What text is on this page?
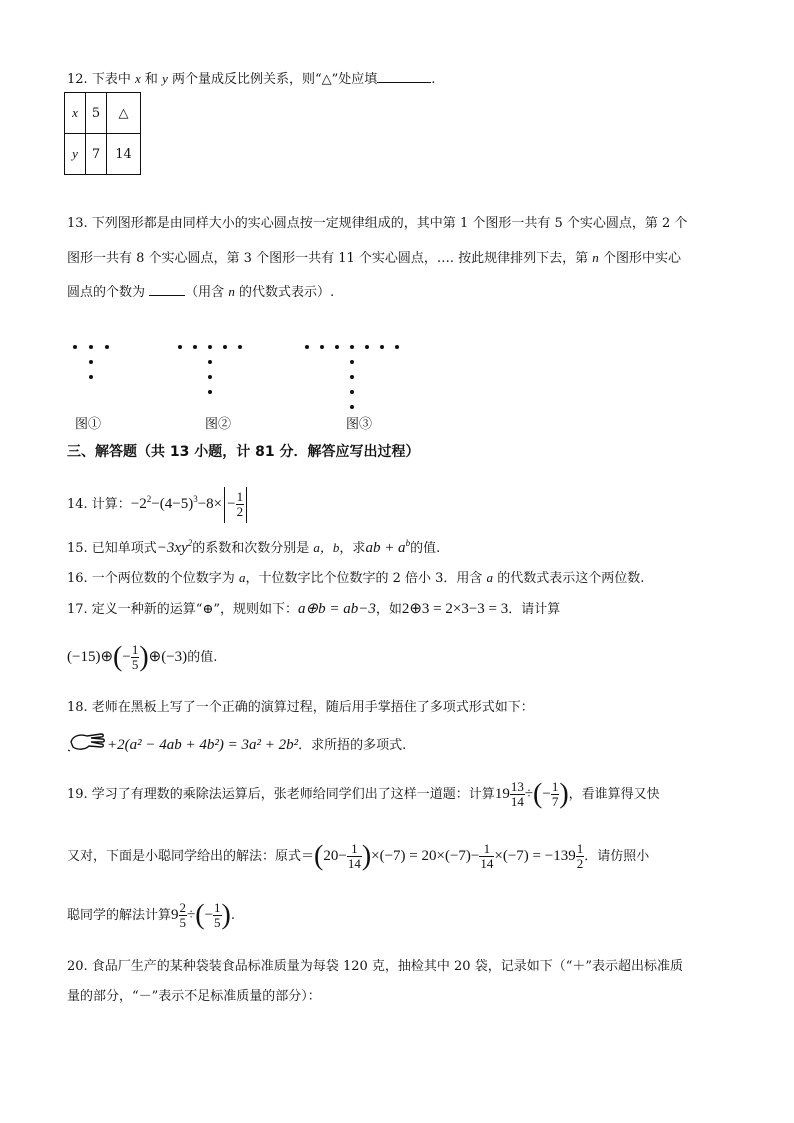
12. 下表中 x 和 y 两个量成反比例关系，则“△”处应填	.
x	5	△
y	7	14
13. 下列图形都是由同样大小的实心圆点按一定规律组成的，其中第 1 个图形一共有 5 个实心圆点，第 2 个
图形一共有 8 个实心圆点，第 3 个图形一共有 11 个实心圆点，…. 按此规律排列下去，第 n 个图形中实心
圆点的个数为	（用含 n 的代数式表示）.
图①	图②	图③
三、解答题（共 13 小题，计 81 分．解答应写出过程）
14. 计算：$-2^2-(4-5)^3-8\times - \frac{1}{2}$
15. 已知单项式$-3xy^2$的系数和次数分别是 a，b，求ab + $a^b$的值.
16. 一个两位数的个位数字为 a，十位数字比个位数字的 2 倍小 3．用含 a 的代数式表示这个两位数.
17. 定义一种新的运算“⊕”，规则如下：a⊕b = ab−3，如2⊕3 = 2×3−3 = 3．请计算
(−15)⊕(− $\frac{1}{5}$ )⊕(−3)的值.
18. 老师在黑板上写了一个正确的演算过程，随后用手掌捂住了多项式形式如下：
+2(a² − 4ab + 4b²) = 3a² + 2b²．求所捂的多项式.
19. 学习了有理数的乘除法运算后，张老师给同学们出了这样一道题：计算$19 \frac{13}{14}$ ÷(− $\frac{1}{7}$ )，看谁算得又快
又对，下面是小聪同学给出的解法：原式$=(20- \frac{1}{14} )\times(-7) = 20\times(-7)- \frac{1}{14} \times(-7) = -139 \frac{1}{2}$ ．请仿照小
聪同学的解法计算$9 \frac{2}{5}$ ÷(− $\frac{1}{5}$ ).
20. 食品厂生产的某种袋装食品标准质量为每袋 120 克，抽检其中 20 袋，记录如下（“＋”表示超出标准质
量的部分，“－”表示不足标准质量的部分）：
